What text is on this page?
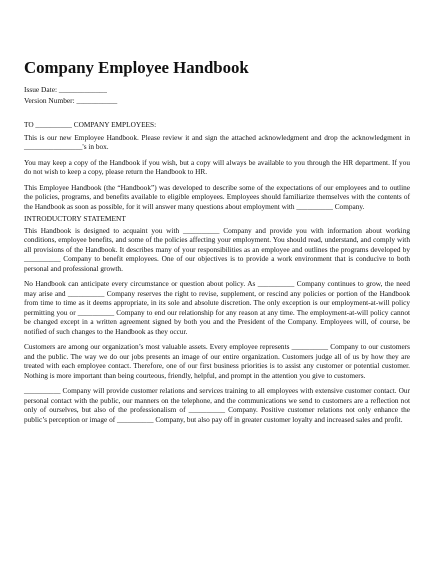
Company Employee Handbook

Issue Date: _____________

Version Number: ___________

TO __________ COMPANY EMPLOYEES:

This is our new Employee Handbook. Please review it and sign the attached acknowledgment and drop the acknowledgment in ________________'s in box.

You may keep a copy of the Handbook if you wish, but a copy will always be available to you through the HR department. If you do not wish to keep a copy, please return the Handbook to HR.

This Employee Handbook (the “Handbook”) was developed to describe some of the expectations of our employees and to outline the policies, programs, and benefits available to eligible employees. Employees should familiarize themselves with the contents of the Handbook as soon as possible, for it will answer many questions about employment with __________ Company.

INTRODUCTORY STATEMENT

This Handbook is designed to acquaint you with __________ Company and provide you with information about working conditions, employee benefits, and some of the policies affecting your employment. You should read, understand, and comply with all provisions of the Handbook. It describes many of your responsibilities as an employee and outlines the programs developed by __________ Company to benefit employees. One of our objectives is to provide a work environment that is conducive to both personal and professional growth.

No Handbook can anticipate every circumstance or question about policy. As __________ Company continues to grow, the need may arise and __________ Company reserves the right to revise, supplement, or rescind any policies or portion of the Handbook from time to time as it deems appropriate, in its sole and absolute discretion. The only exception is our employment-at-will policy permitting you or __________ Company to end our relationship for any reason at any time. The employment-at-will policy cannot be changed except in a written agreement signed by both you and the President of the Company. Employees will, of course, be notified of such changes to the Handbook as they occur.

Customers are among our organization’s most valuable assets. Every employee represents __________ Company to our customers and the public. The way we do our jobs presents an image of our entire organization. Customers judge all of us by how they are treated with each employee contact. Therefore, one of our first business priorities is to assist any customer or potential customer. Nothing is more important than being courteous, friendly, helpful, and prompt in the attention you give to customers.

__________ Company will provide customer relations and services training to all employees with extensive customer contact. Our personal contact with the public, our manners on the telephone, and the communications we send to customers are a reflection not only of ourselves, but also of the professionalism of __________ Company. Positive customer relations not only enhance the public’s perception or image of __________ Company, but also pay off in greater customer loyalty and increased sales and profit.
